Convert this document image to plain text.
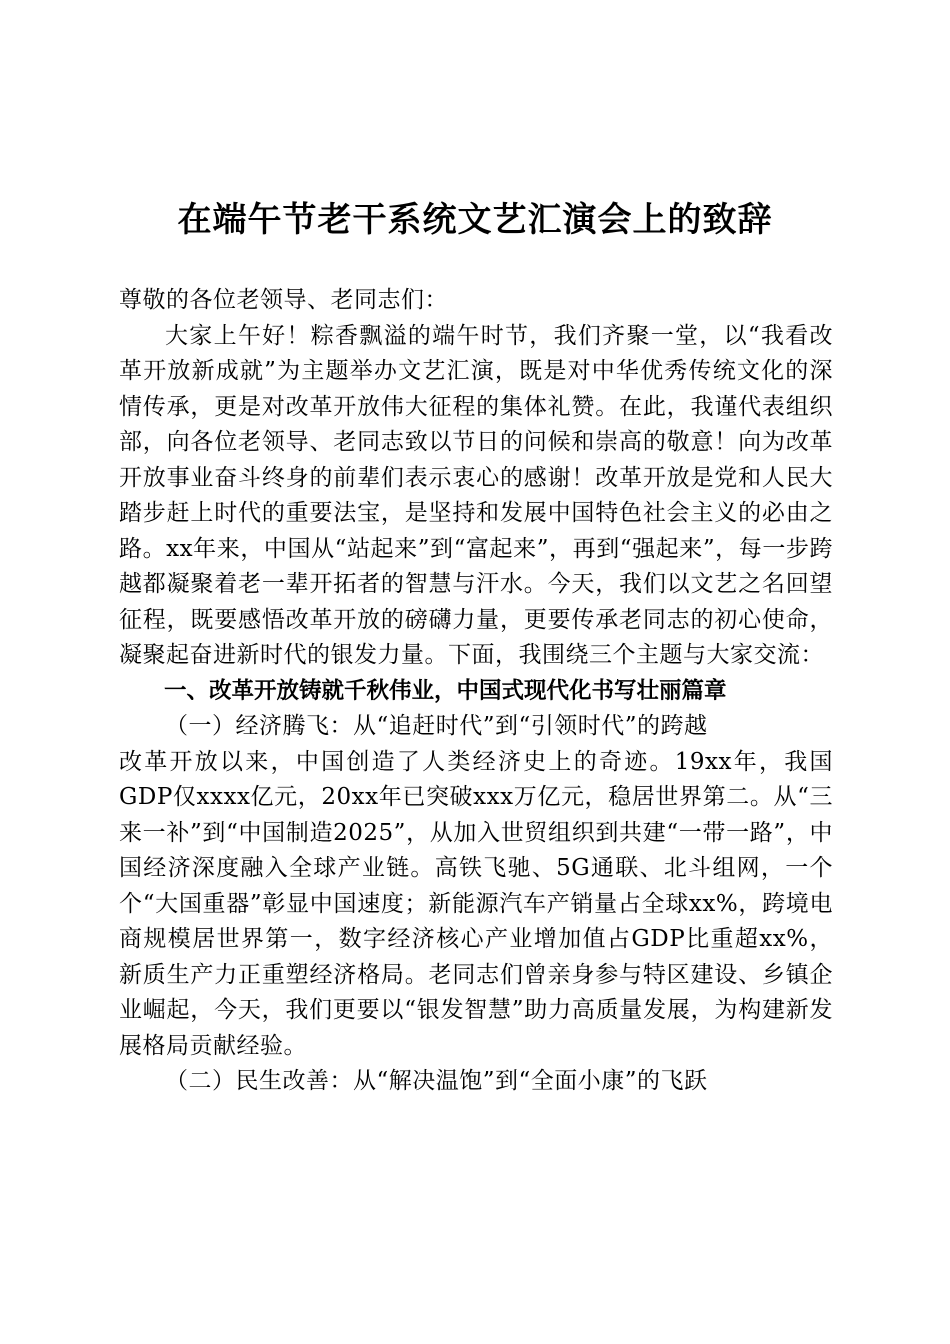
在端午节老干系统文艺汇演会上的致辞

尊敬的各位老领导、老同志们：

大家上午好！粽香飘溢的端午时节，我们齐聚一堂，以“我看改革开放新成就”为主题举办文艺汇演，既是对中华优秀传统文化的深情传承，更是对改革开放伟大征程的集体礼赞。在此，我谨代表组织部，向各位老领导、老同志致以节日的问候和崇高的敬意！向为改革开放事业奋斗终身的前辈们表示衷心的感谢！改革开放是党和人民大踏步赶上时代的重要法宝，是坚持和发展中国特色社会主义的必由之路。xx年来，中国从“站起来”到“富起来”，再到“强起来”，每一步跨越都凝聚着老一辈开拓者的智慧与汗水。今天，我们以文艺之名回望征程，既要感悟改革开放的磅礴力量，更要传承老同志的初心使命，凝聚起奋进新时代的银发力量。下面，我围绕三个主题与大家交流：

一、改革开放铸就千秋伟业，中国式现代化书写壮丽篇章

（一）经济腾飞：从“追赶时代”到“引领时代”的跨越

改革开放以来，中国创造了人类经济史上的奇迹。19xx年，我国GDP仅xxxx亿元，20xx年已突破xxx万亿元，稳居世界第二。从“三来一补”到“中国制造2025”，从加入世贸组织到共建“一带一路”，中国经济深度融入全球产业链。高铁飞驰、5G通联、北斗组网，一个个“大国重器”彰显中国速度；新能源汽车产销量占全球xx%，跨境电商规模居世界第一，数字经济核心产业增加值占GDP比重超xx%，新质生产力正重塑经济格局。老同志们曾亲身参与特区建设、乡镇企业崛起，今天，我们更要以“银发智慧”助力高质量发展，为构建新发展格局贡献经验。

（二）民生改善：从“解决温饱”到“全面小康”的飞跃
